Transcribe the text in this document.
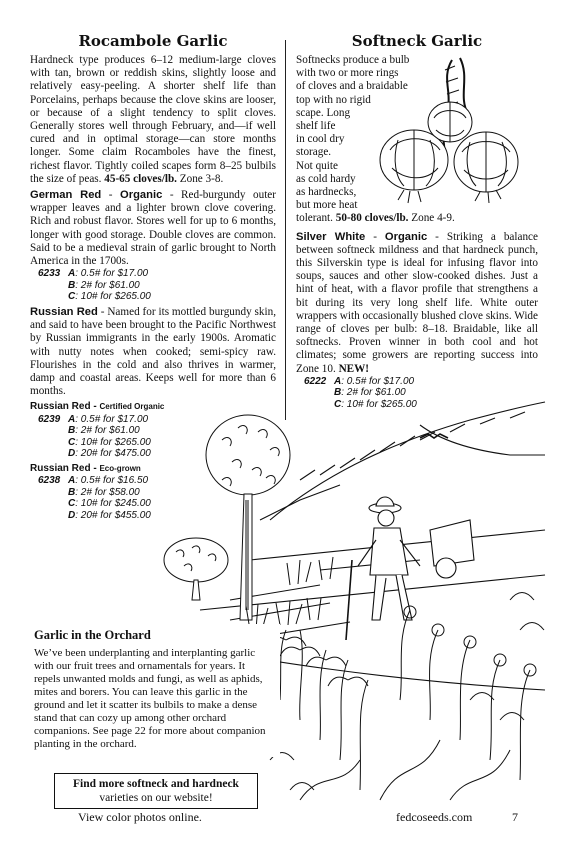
Rocambole Garlic

Hardneck type produces 6–12 medium-large cloves with tan, brown or reddish skins, slightly loose and relatively easy-peeling. A shorter shelf life than Porcelains, perhaps because the clove skins are looser, or because of a slight tendency to split cloves. Generally stores well through February, and—if well cured and in optimal storage—can store months longer. Some claim Rocamboles have the finest, richest flavor. Tightly coiled scapes form 8–25 bulbils the size of peas. 45-65 cloves/lb. Zone 3-8.

German Red - Organic - Red-burgundy outer wrapper leaves and a lighter brown clove covering. Rich and robust flavor. Stores well for up to 6 months, longer with good storage. Double cloves are common. Said to be a medieval strain of garlic brought to North America in the 1700s.

6233 A: 0.5# for $17.00
B: 2# for $61.00
C: 10# for $265.00

Russian Red - Named for its mottled burgundy skin, and said to have been brought to the Pacific Northwest by Russian immigrants in the early 1900s. Aromatic with nutty notes when cooked; semi-spicy raw. Flourishes in the cold and also thrives in warmer, damp and coastal areas. Keeps well for more than 6 months.

Russian Red - Certified Organic
6239 A: 0.5# for $17.00
B: 2# for $61.00
C: 10# for $265.00
D: 20# for $475.00
Russian Red - Eco-grown
6238 A: 0.5# for $16.50
B: 2# for $58.00
C: 10# for $245.00
D: 20# for $455.00
Softneck Garlic
Softnecks produce a bulb
with two or more rings
of cloves and a braidable
top with no rigid
scape. Long
shelf life
in cool dry
storage.
Not quite
as cold hardy
as hardnecks,
but more heat
tolerant. 50-80 cloves/lb. Zone 4-9.

Silver White - Organic - Striking a balance between softneck mildness and that hardneck punch, this Silverskin type is ideal for infusing flavor into soups, sauces and other slow-cooked dishes. Just a hint of heat, with a flavor profile that strengthens a bit during its very long shelf life. White outer wrappers with occasionally blushed clove skins. Wide range of cloves per bulb: 8–18. Braidable, like all softnecks. Proven winner in both cool and hot climates; some growers are reporting success into Zone 10. NEW!

6222 A: 0.5# for $17.00
B: 2# for $61.00
C: 10# for $265.00
Garlic in the Orchard
We’ve been underplanting and interplanting garlic with our fruit trees and ornamentals for years. It repels unwanted molds and fungi, as well as aphids, mites and borers. You can leave this garlic in the ground and let it scatter its bulbils to make a dense stand that can cozy up among other orchard companions. See page 22 for more about companion planting in the orchard.
Find more softneck and hardneck
varieties on our website!
View color photos online.	fedcoseeds.com	7
